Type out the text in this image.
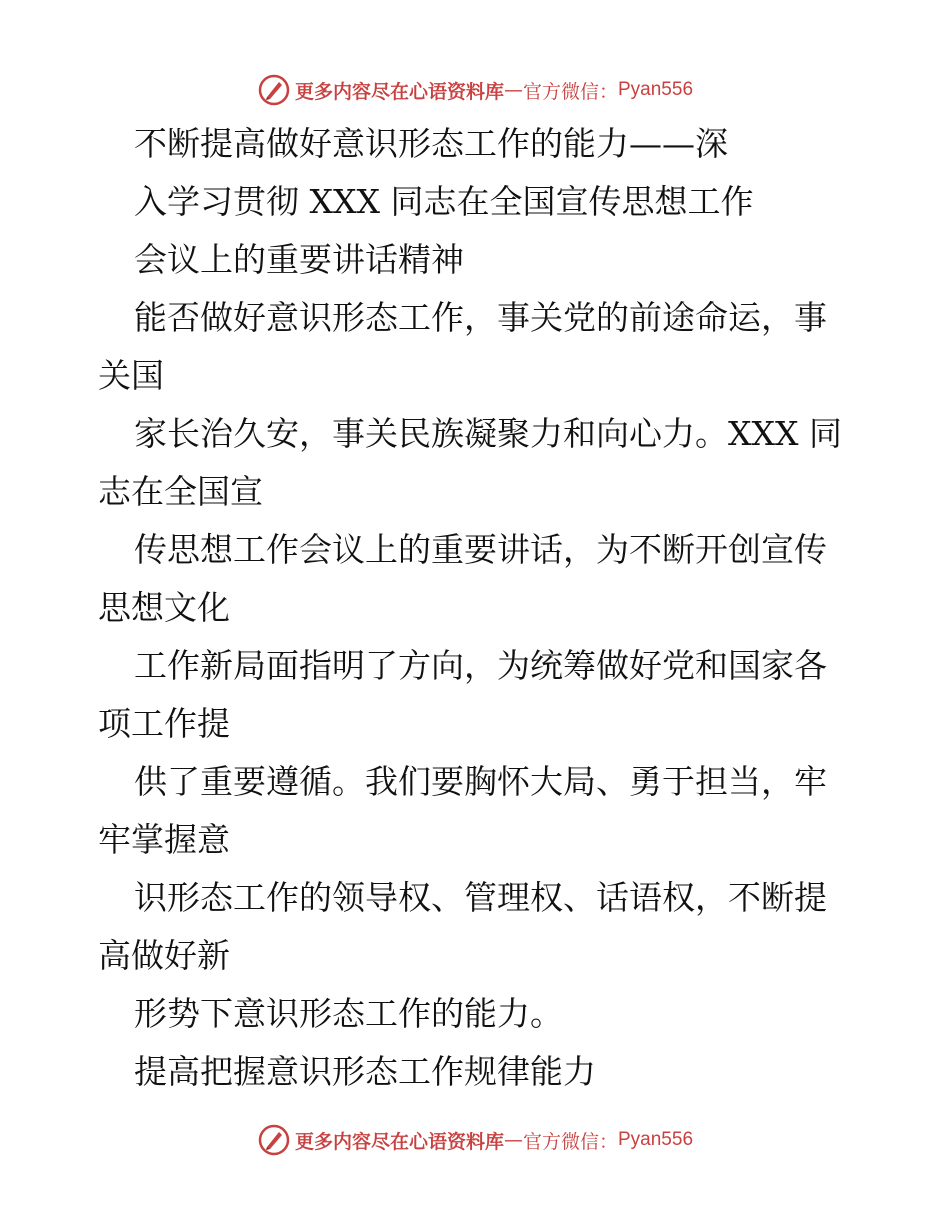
更多内容尽在心语资料库 — 官方微信： Pyan556
不断提高做好意识形态工作的能力——深
入学习贯彻 XXX 同志在全国宣传思想工作
会议上的重要讲话精神
能否做好意识形态工作，事关党的前途命运，事
关国
家长治久安，事关民族凝聚力和向心力。XXX 同
志在全国宣
传思想工作会议上的重要讲话，为不断开创宣传
思想文化
工作新局面指明了方向，为统筹做好党和国家各
项工作提
供了重要遵循。我们要胸怀大局、勇于担当，牢
牢掌握意
识形态工作的领导权、管理权、话语权，不断提
高做好新
形势下意识形态工作的能力。
提高把握意识形态工作规律能力
更多内容尽在心语资料库 — 官方微信： Pyan556
